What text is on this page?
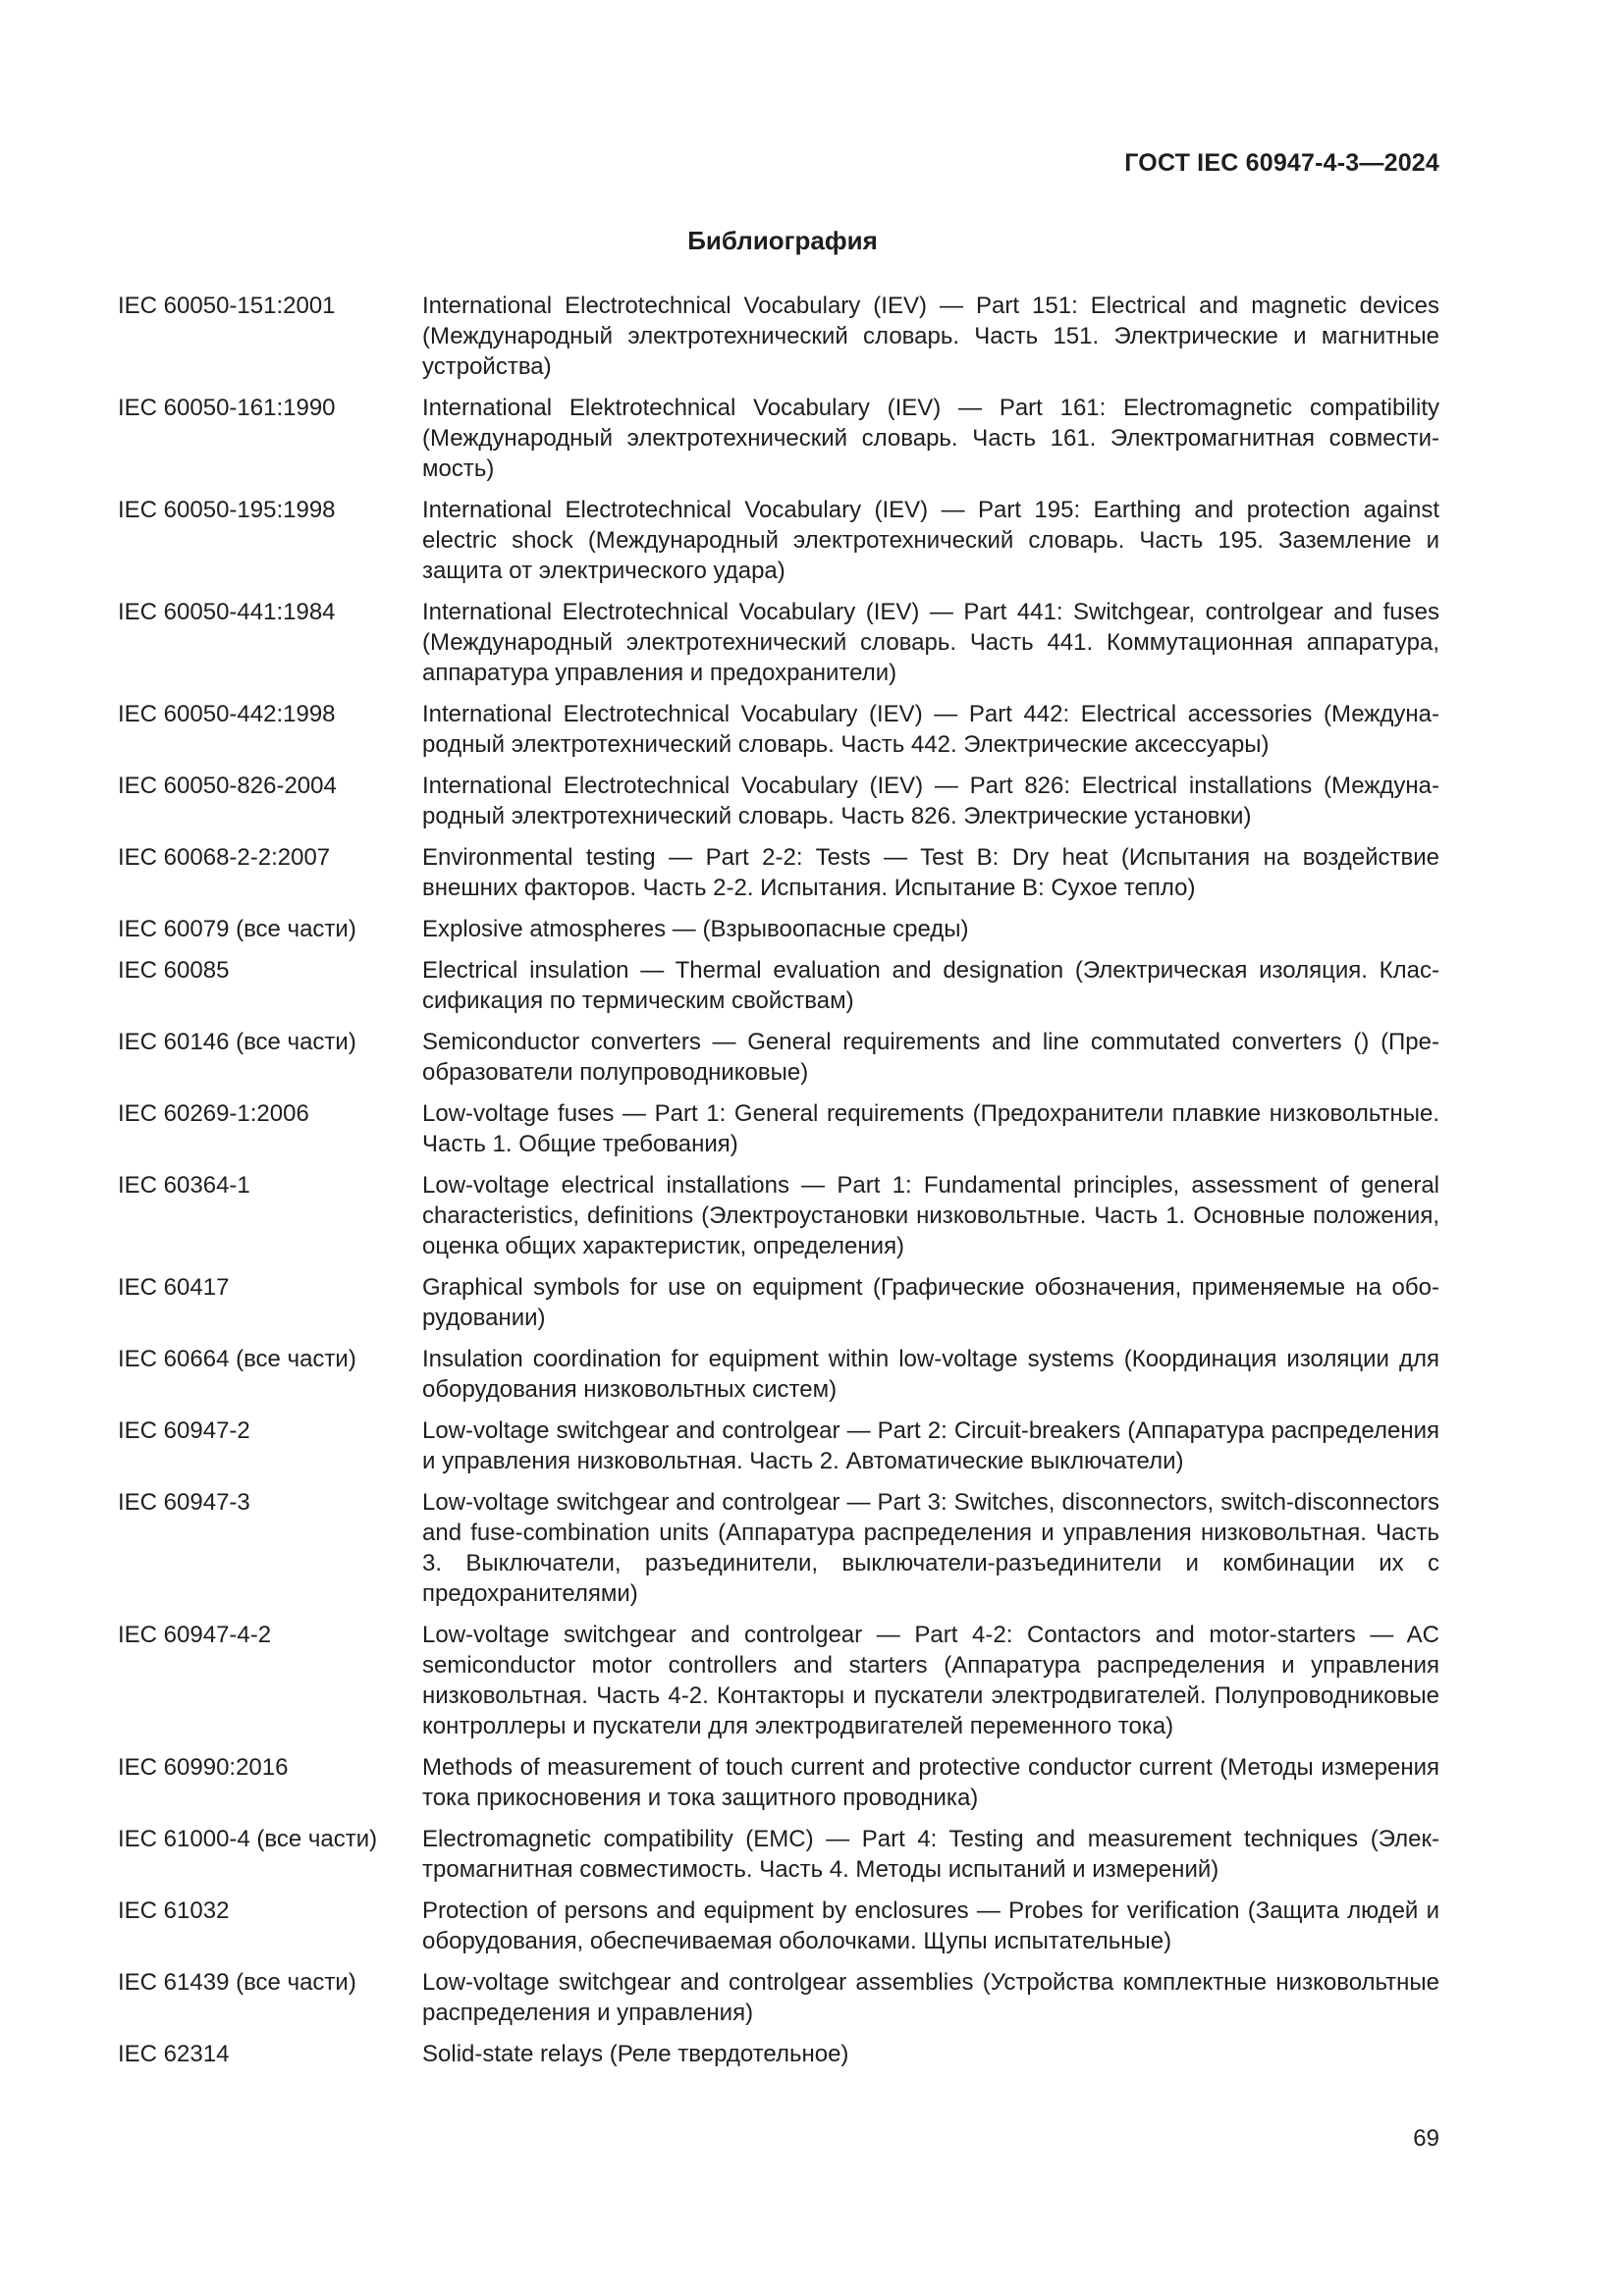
ГОСТ IEC 60947-4-3—2024
Библиография
IEC 60050-151:2001	International Electrotechnical Vocabulary (IEV) — Part 151: Electrical and magnetic devices (Международный электротехнический словарь. Часть 151. Электрические и магнитные устройства)
IEC 60050-161:1990	International Elektrotechnical Vocabulary (IEV) — Part 161: Electromagnetic compatibility (Международный электротехнический словарь. Часть 161. Электромагнитная совместимость)
IEC 60050-195:1998	International Electrotechnical Vocabulary (IEV) — Part 195: Earthing and protection against electric shock (Международный электротехнический словарь. Часть 195. Заземление и защита от электрического удара)
IEC 60050-441:1984	International Electrotechnical Vocabulary (IEV) — Part 441: Switchgear, controlgear and fuses (Международный электротехнический словарь. Часть 441. Коммутационная аппаратура, аппаратура управления и предохранители)
IEC 60050-442:1998	International Electrotechnical Vocabulary (IEV) — Part 442: Electrical accessories (Международный электротехнический словарь. Часть 442. Электрические аксессуары)
IEC 60050-826-2004	International Electrotechnical Vocabulary (IEV) — Part 826: Electrical installations (Международный электротехнический словарь. Часть 826. Электрические установки)
IEC 60068-2-2:2007	Environmental testing — Part 2-2: Tests — Test B: Dry heat (Испытания на воздействие внешних факторов. Часть 2-2. Испытания. Испытание В: Сухое тепло)
IEC 60079 (все части)	Explosive atmospheres — (Взрывоопасные среды)
IEC 60085	Electrical insulation — Thermal evaluation and designation (Электрическая изоляция. Классификация по термическим свойствам)
IEC 60146 (все части)	Semiconductor converters — General requirements and line commutated converters () (Преобразователи полупроводниковые)
IEC 60269-1:2006	Low-voltage fuses — Part 1: General requirements (Предохранители плавкие низковольтные. Часть 1. Общие требования)
IEC 60364-1	Low-voltage electrical installations — Part 1: Fundamental principles, assessment of general characteristics, definitions (Электроустановки низковольтные. Часть 1. Основные положения, оценка общих характеристик, определения)
IEC 60417	Graphical symbols for use on equipment (Графические обозначения, применяемые на оборудовании)
IEC 60664 (все части)	Insulation coordination for equipment within low-voltage systems (Координация изоляции для оборудования низковольтных систем)
IEC 60947-2	Low-voltage switchgear and controlgear — Part 2: Circuit-breakers (Аппаратура распределения и управления низковольтная. Часть 2. Автоматические выключатели)
IEC 60947-3	Low-voltage switchgear and controlgear — Part 3: Switches, disconnectors, switch-disconnectors and fuse-combination units (Аппаратура распределения и управления низковольтная. Часть 3. Выключатели, разъединители, выключатели-разъединители и комбинации их с предохранителями)
IEC 60947-4-2	Low-voltage switchgear and controlgear — Part 4-2: Contactors and motor-starters — AC semiconductor motor controllers and starters (Аппаратура распределения и управления низковольтная. Часть 4-2. Контакторы и пускатели электродвигателей. Полупроводниковые контроллеры и пускатели для электродвигателей переменного тока)
IEC 60990:2016	Methods of measurement of touch current and protective conductor current (Методы измерения тока прикосновения и тока защитного проводника)
IEC 61000-4 (все части)	Electromagnetic compatibility (EMC) — Part 4: Testing and measurement techniques (Электромагнитная совместимость. Часть 4. Методы испытаний и измерений)
IEC 61032	Protection of persons and equipment by enclosures — Probes for verification (Защита людей и оборудования, обеспечиваемая оболочками. Щупы испытательные)
IEC 61439 (все части)	Low-voltage switchgear and controlgear assemblies (Устройства комплектные низковольтные распределения и управления)
IEC 62314	Solid-state relays (Реле твердотельное)
69
